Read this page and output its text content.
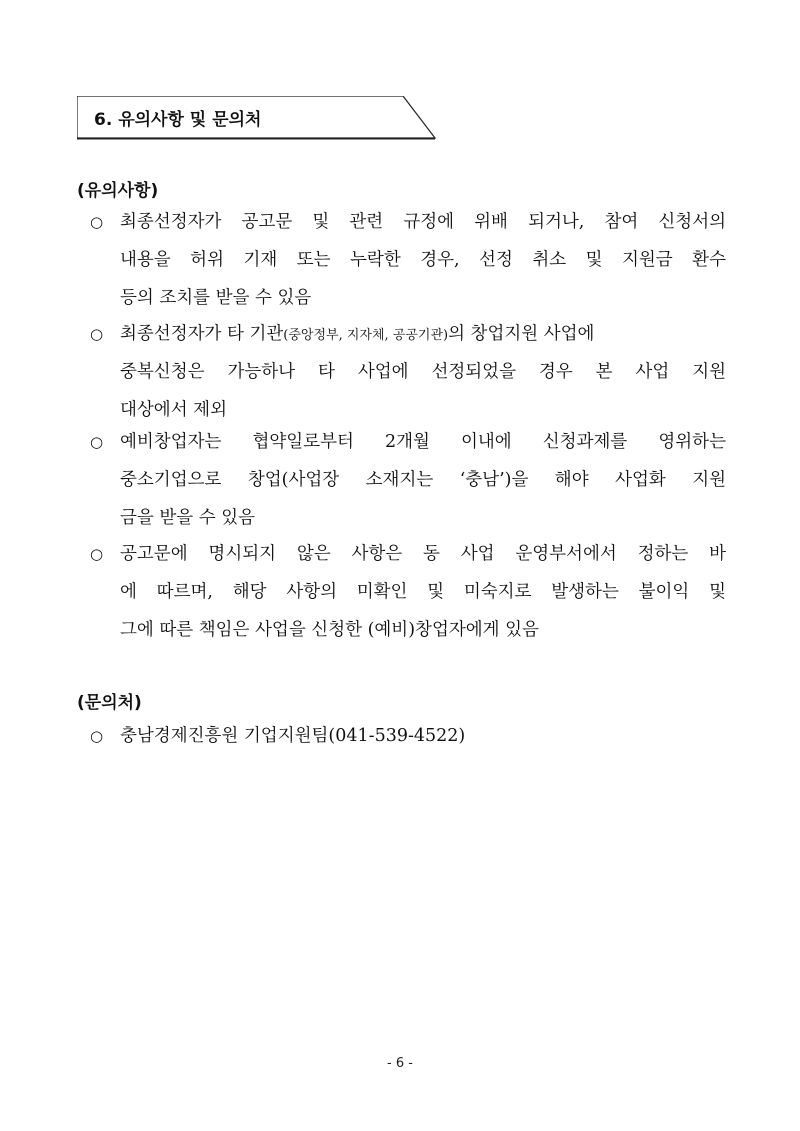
6. 유의사항 및 문의처
(유의사항)
○ 최종선정자가 공고문 및 관련 규정에 위배 되거나, 참여 신청서의
내용을 허위 기재 또는 누락한 경우, 선정 취소 및 지원금 환수
등의 조치를 받을 수 있음
○ 최종선정자가 타 기관(중앙정부, 지자체, 공공기관)의 창업지원 사업에
중복신청은 가능하나 타 사업에 선정되었을 경우 본 사업 지원
대상에서 제외
○ 예비창업자는 협약일로부터 2개월 이내에 신청과제를 영위하는
중소기업으로 창업(사업장 소재지는 ‘충남’)을 해야 사업화 지원
금을 받을 수 있음
○ 공고문에 명시되지 않은 사항은 동 사업 운영부서에서 정하는 바
에 따르며, 해당 사항의 미확인 및 미숙지로 발생하는 불이익 및
그에 따른 책임은 사업을 신청한 (예비)창업자에게 있음
(문의처)
○ 충남경제진흥원 기업지원팀(041-539-4522)
- 6 -
